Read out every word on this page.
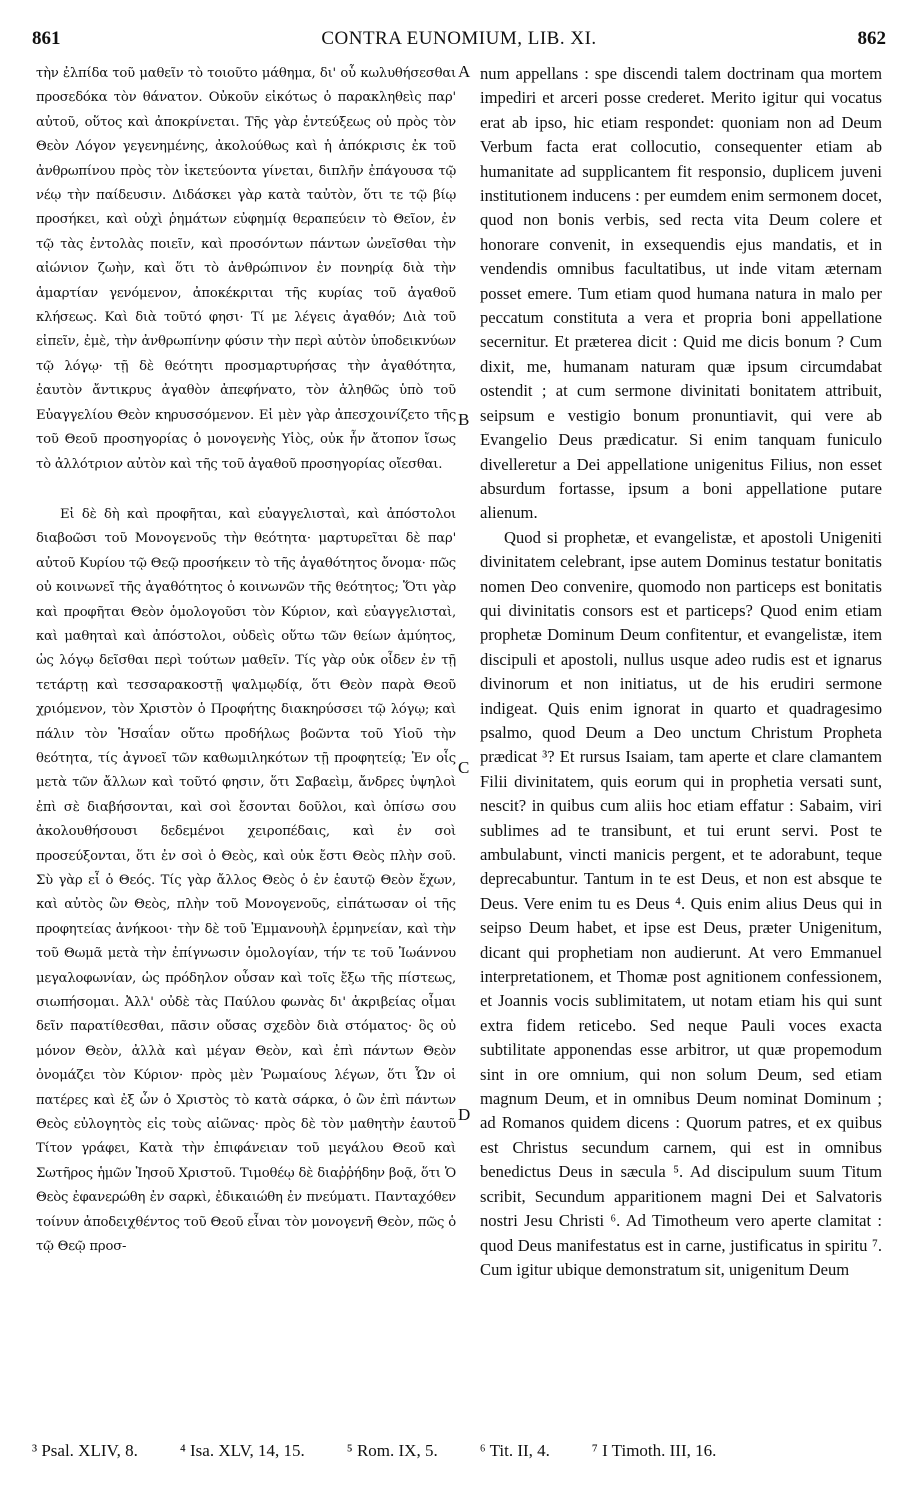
861	CONTRA EUNOMIUM, LIB. XI.	862

τὴν ἐλπίδα τοῦ μαθεῖν τὸ τοιοῦτο μάθημα, δι' οὗ κωλυθήσεσθαι προσεδόκα τὸν θάνατον. Οὐκοῦν εἰκότως ὁ παρακληθεὶς παρ' αὐτοῦ, οὕτος καὶ ἀποκρίνεται. Τῆς γὰρ ἐντεύξεως οὐ πρὸς τὸν Θεὸν Λόγον γεγενημένης, ἀκολούθως καὶ ἡ ἀπόκρισις ἐκ τοῦ ἀνθρωπίνου πρὸς τὸν ἱκετεύοντα γίνεται, διπλῆν ἐπάγουσα τῷ νέῳ τὴν παίδευσιν. Διδάσκει γὰρ κατὰ ταὐτὸν, ὅτι τε τῷ βίῳ προσήκει, καὶ οὐχὶ ῥημάτων εὐφημίᾳ θεραπεύειν τὸ Θεῖον, ἐν τῷ τὰς ἐντολὰς ποιεῖν, καὶ προσόντων πάντων ὠνεῖσθαι τὴν αἰώνιον ζωὴν, καὶ ὅτι τὸ ἀνθρώπινον ἐν πονηρίᾳ διὰ τὴν ἁμαρτίαν γενόμενον, ἀποκέκριται τῆς κυρίας τοῦ ἀγαθοῦ κλήσεως. Καὶ διὰ τοῦτό φησι· Τί με λέγεις ἀγαθόν; Διὰ τοῦ εἰπεῖν, ἐμὲ, τὴν ἀνθρωπίνην φύσιν τὴν περὶ αὐτὸν ὑποδεικνύων τῷ λόγῳ· τῇ δὲ θεότητι προσμαρτυρήσας τὴν ἀγαθότητα, ἑαυτὸν ἄντικρυς ἀγαθὸν ἀπεφήνατο, τὸν ἀληθῶς ὑπὸ τοῦ Εὐαγγελίου Θεὸν κηρυσσόμενον. Εἰ μὲν γὰρ ἀπεσχοινίζετο τῆς τοῦ Θεοῦ προσηγορίας ὁ μονογενὴς Υἱὸς, οὐκ ἦν ἄτοπον ἴσως τὸ ἀλλότριον αὐτὸν καὶ τῆς τοῦ ἀγαθοῦ προσηγορίας οἴεσθαι.

Εἰ δὲ δὴ καὶ προφῆται, καὶ εὐαγγελισταὶ, καὶ ἀπόστολοι διαβοῶσι τοῦ Μονογενοῦς τὴν θεότητα· μαρτυρεῖται δὲ παρ' αὐτοῦ Κυρίου τῷ Θεῷ προσήκειν τὸ τῆς ἀγαθότητος ὄνομα· πῶς οὐ κοινωνεῖ τῆς ἀγαθότητος ὁ κοινωνῶν τῆς θεότητος; Ὅτι γὰρ καὶ προφῆται Θεὸν ὁμολογοῦσι τὸν Κύριον, καὶ εὐαγγελισταὶ, καὶ μαθηταὶ καὶ ἀπόστολοι, οὐδεὶς οὕτω τῶν θείων ἀμύητος, ὡς λόγῳ δεῖσθαι περὶ τούτων μαθεῖν. Τίς γὰρ οὐκ οἶδεν ἐν τῇ τετάρτῃ καὶ τεσσαρακοστῇ ψαλμῳδίᾳ, ὅτι Θεὸν παρὰ Θεοῦ χριόμενον, τὸν Χριστὸν ὁ Προφήτης διακηρύσσει τῷ λόγῳ; καὶ πάλιν τὸν Ἡσαΐαν οὕτω προδήλως βοῶντα τοῦ Υἱοῦ τὴν θεότητα, τίς ἀγνοεῖ τῶν καθωμιληκότων τῇ προφητείᾳ; Ἐν οἷς μετὰ τῶν ἄλλων καὶ τοῦτό φησιν, ὅτι Σαβαεὶμ, ἄνδρες ὑψηλοὶ ἐπὶ σὲ διαβήσονται, καὶ σοὶ ἔσονται δοῦλοι, καὶ ὀπίσω σου ἀκολουθήσουσι δεδεμένοι χειροπέδαις, καὶ ἐν σοὶ προσεύξονται, ὅτι ἐν σοὶ ὁ Θεὸς, καὶ οὐκ ἔστι Θεὸς πλὴν σοῦ. Σὺ γὰρ εἶ ὁ Θεός. Τίς γὰρ ἄλλος Θεὸς ὁ ἐν ἑαυτῷ Θεὸν ἔχων, καὶ αὐτὸς ὢν Θεὸς, πλὴν τοῦ Μονογενοῦς, εἰπάτωσαν οἱ τῆς προφητείας ἀνήκοοι· τὴν δὲ τοῦ Ἐμμανουὴλ ἑρμηνείαν, καὶ τὴν τοῦ Θωμᾶ μετὰ τὴν ἐπίγνωσιν ὁμολογίαν, τήν τε τοῦ Ἰωάννου μεγαλοφωνίαν, ὡς πρόδηλον οὖσαν καὶ τοῖς ἔξω τῆς πίστεως, σιωπήσομαι. Ἀλλ' οὐδὲ τὰς Παύλου φωνὰς δι' ἀκριβείας οἶμαι δεῖν παρατίθεσθαι, πᾶσιν οὔσας σχεδὸν διὰ στόματος· ὃς οὐ μόνον Θεὸν, ἀλλὰ καὶ μέγαν Θεὸν, καὶ ἐπὶ πάντων Θεὸν ὀνομάζει τὸν Κύριον· πρὸς μὲν Ῥωμαίους λέγων, ὅτι Ὧν οἱ πατέρες καὶ ἐξ ὧν ὁ Χριστὸς τὸ κατὰ σάρκα, ὁ ὢν ἐπὶ πάντων Θεὸς εὐλογητὸς εἰς τοὺς αἰῶνας· πρὸς δὲ τὸν μαθητὴν ἑαυτοῦ Τίτον γράφει, Κατὰ τὴν ἐπιφάνειαν τοῦ μεγάλου Θεοῦ καὶ Σωτῆρος ἡμῶν Ἰησοῦ Χριστοῦ. Τιμοθέῳ δὲ διαῤῥήδην βοᾷ, ὅτι Ὁ Θεὸς ἐφανερώθη ἐν σαρκὶ, ἐδικαιώθη ἐν πνεύματι. Πανταχόθεν τοίνυν ἀποδειχθέντος τοῦ Θεοῦ εἶναι τὸν μονογενῆ Θεὸν, πῶς ὁ τῷ Θεῷ προσ-

A
B
C
D

num appellans : spe discendi talem doctrinam qua mortem impediri et arceri posse crederet. Merito igitur qui vocatus erat ab ipso, hic etiam respondet: quoniam non ad Deum Verbum facta erat collocutio, consequenter etiam ab humanitate ad supplicantem fit responsio, duplicem juveni institutionem inducens : per eumdem enim sermonem docet, quod non bonis verbis, sed recta vita Deum colere et honorare convenit, in exsequendis ejus mandatis, et in vendendis omnibus facultatibus, ut inde vitam æternam posset emere. Tum etiam quod humana natura in malo per peccatum constituta a vera et propria boni appellatione secernitur. Et præterea dicit : Quid me dicis bonum ? Cum dixit, me, humanam naturam quæ ipsum circumdabat ostendit ; at cum sermone divinitati bonitatem attribuit, seipsum e vestigio bonum pronuntiavit, qui vere ab Evangelio Deus prædicatur. Si enim tanquam funiculo divelleretur a Dei appellatione unigenitus Filius, non esset absurdum fortasse, ipsum a boni appellatione putare alienum.

Quod si prophetæ, et evangelistæ, et apostoli Unigeniti divinitatem celebrant, ipse autem Dominus testatur bonitatis nomen Deo convenire, quomodo non particeps est bonitatis qui divinitatis consors est et particeps? Quod enim etiam prophetæ Dominum Deum confitentur, et evangelistæ, item discipuli et apostoli, nullus usque adeo rudis est et ignarus divinorum et non initiatus, ut de his erudiri sermone indigeat. Quis enim ignorat in quarto et quadragesimo psalmo, quod Deum a Deo unctum Christum Propheta prædicat ³? Et rursus Isaiam, tam aperte et clare clamantem Filii divinitatem, quis eorum qui in prophetia versati sunt, nescit? in quibus cum aliis hoc etiam effatur : Sabaim, viri sublimes ad te transibunt, et tui erunt servi. Post te ambulabunt, vincti manicis pergent, et te adorabunt, teque deprecabuntur. Tantum in te est Deus, et non est absque te Deus. Vere enim tu es Deus ⁴. Quis enim alius Deus qui in seipso Deum habet, et ipse est Deus, præter Unigenitum, dicant qui prophetiam non audierunt. At vero Emmanuel interpretationem, et Thomæ post agnitionem confessionem, et Joannis vocis sublimitatem, ut notam etiam his qui sunt extra fidem reticebo. Sed neque Pauli voces exacta subtilitate apponendas esse arbitror, ut quæ propemodum sint in ore omnium, qui non solum Deum, sed etiam magnum Deum, et in omnibus Deum nominat Dominum ; ad Romanos quidem dicens : Quorum patres, et ex quibus est Christus secundum carnem, qui est in omnibus benedictus Deus in sæcula ⁵. Ad discipulum suum Titum scribit, Secundum apparitionem magni Dei et Salvatoris nostri Jesu Christi ⁶. Ad Timotheum vero aperte clamitat : quod Deus manifestatus est in carne, justificatus in spiritu ⁷. Cum igitur ubique demonstratum sit, unigenitum Deum

³ Psal. XLIV, 8. ⁴ Isa. XLV, 14, 15. ⁵ Rom. IX, 5. ⁶ Tit. II, 4. ⁷ I Timoth. III, 16.
